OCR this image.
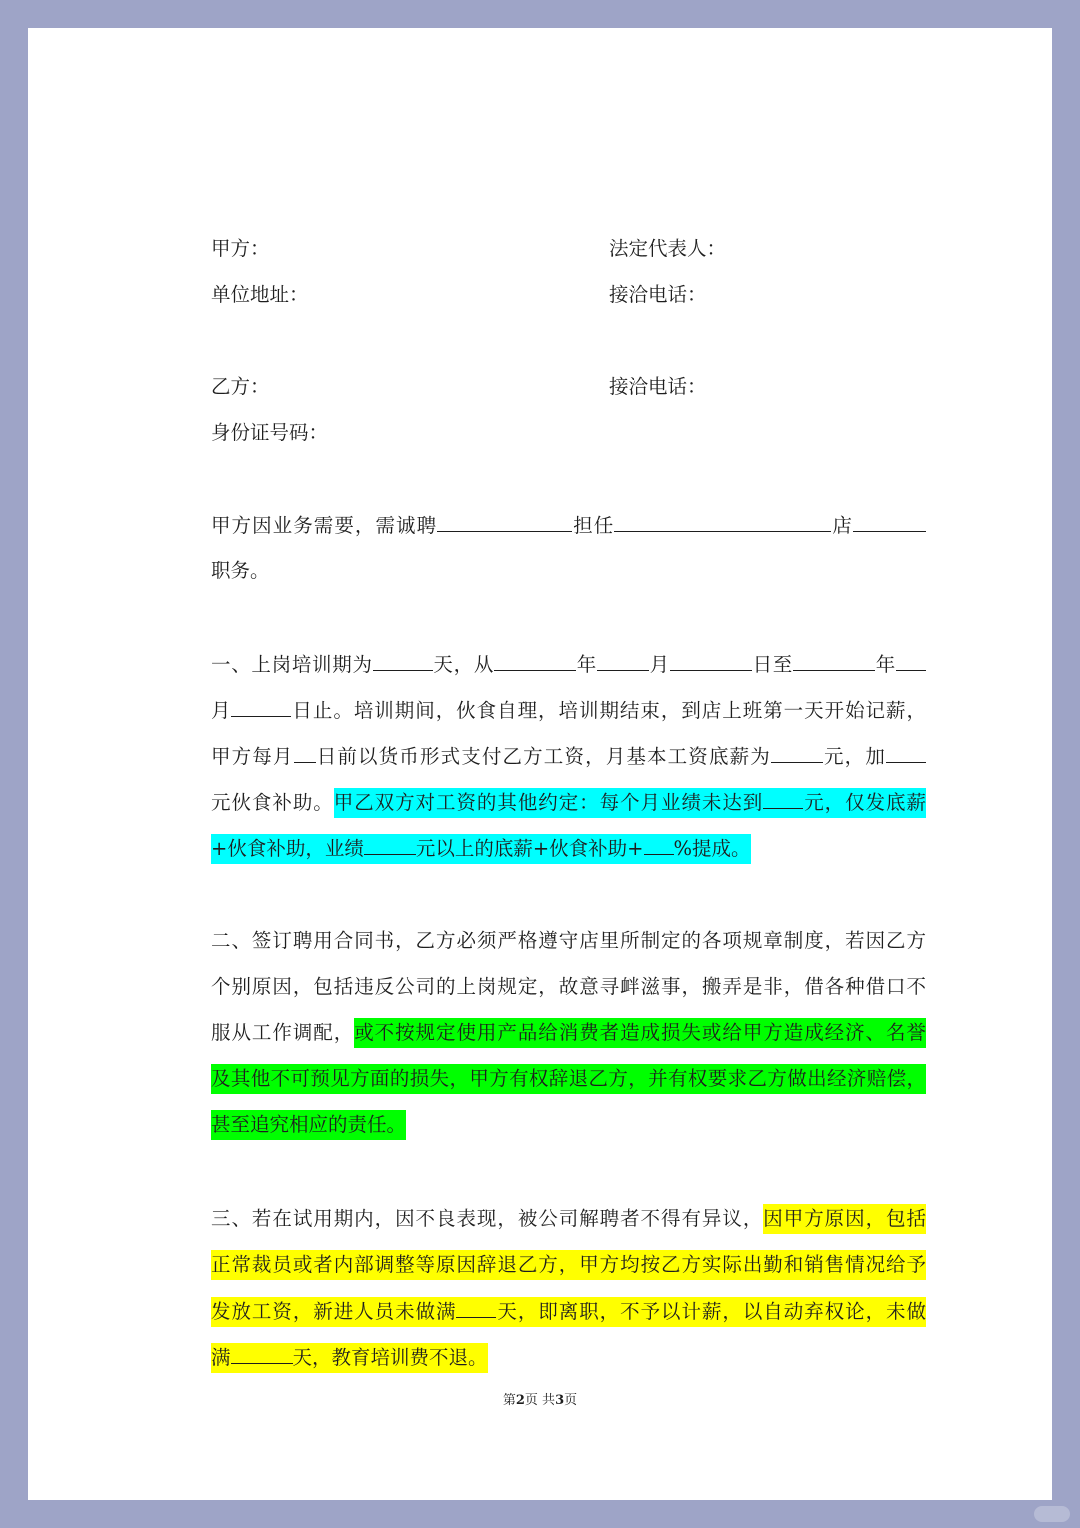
甲方：	法定代表人：

单位地址：	接洽电话：

乙方：	接洽电话：

身份证号码：

甲方因业务需要，需诚聘	担任	店

职务。

一、上岗培训期为	天，从	年	月	日至	年

月	日止。培训期间，伙食自理，培训期结束，到店上班第一天开始记薪，

甲方每月 日前以货币形式支付乙方工资，月基本工资底薪为	元，加

元伙食补助。甲乙双方对工资的其他约定：每个月业绩未达到 元，仅发底薪

+伙食补助，业绩	元以上的底薪+伙食补助+ %提成。

二、签订聘用合同书，乙方必须严格遵守店里所制定的各项规章制度，若因乙方

个别原因，包括违反公司的上岗规定，故意寻衅滋事，搬弄是非，借各种借口不

服从工作调配，或不按规定使用产品给消费者造成损失或给甲方造成经济、名誉

及其他不可预见方面的损失，甲方有权辞退乙方，并有权要求乙方做出经济赔偿，

甚至追究相应的责任。

三、若在试用期内，因不良表现，被公司解聘者不得有异议，因甲方原因，包括

正常裁员或者内部调整等原因辞退乙方，甲方均按乙方实际出勤和销售情况给予

发放工资，新进人员未做满 天，即离职，不予以计薪，以自动弃权论，未做

满	天，教育培训费不退。

第2页 共3页
